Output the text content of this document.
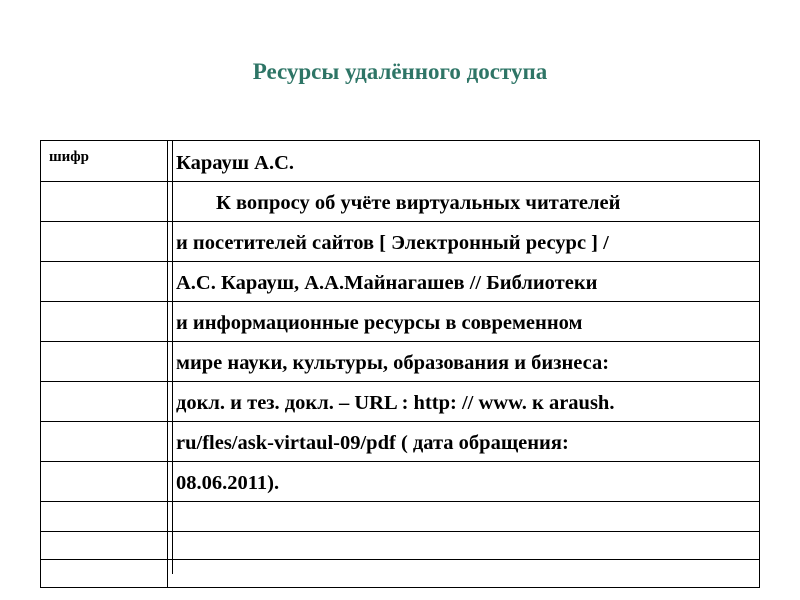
Ресурсы удалённого доступа
шифр	Карауш А.С.
К вопросу об учёте виртуальных читателей
и посетителей сайтов [ Электронный ресурс ] /
А.С. Карауш, А.А.Майнагашев // Библиотеки
и информационные ресурсы в современном
мире науки, культуры, образования и бизнеса:
докл. и тез. докл. – URL : http: // www. к araush.
ru/fles/ask-virtaul-09/pdf ( дата обращения:
08.06.2011).
